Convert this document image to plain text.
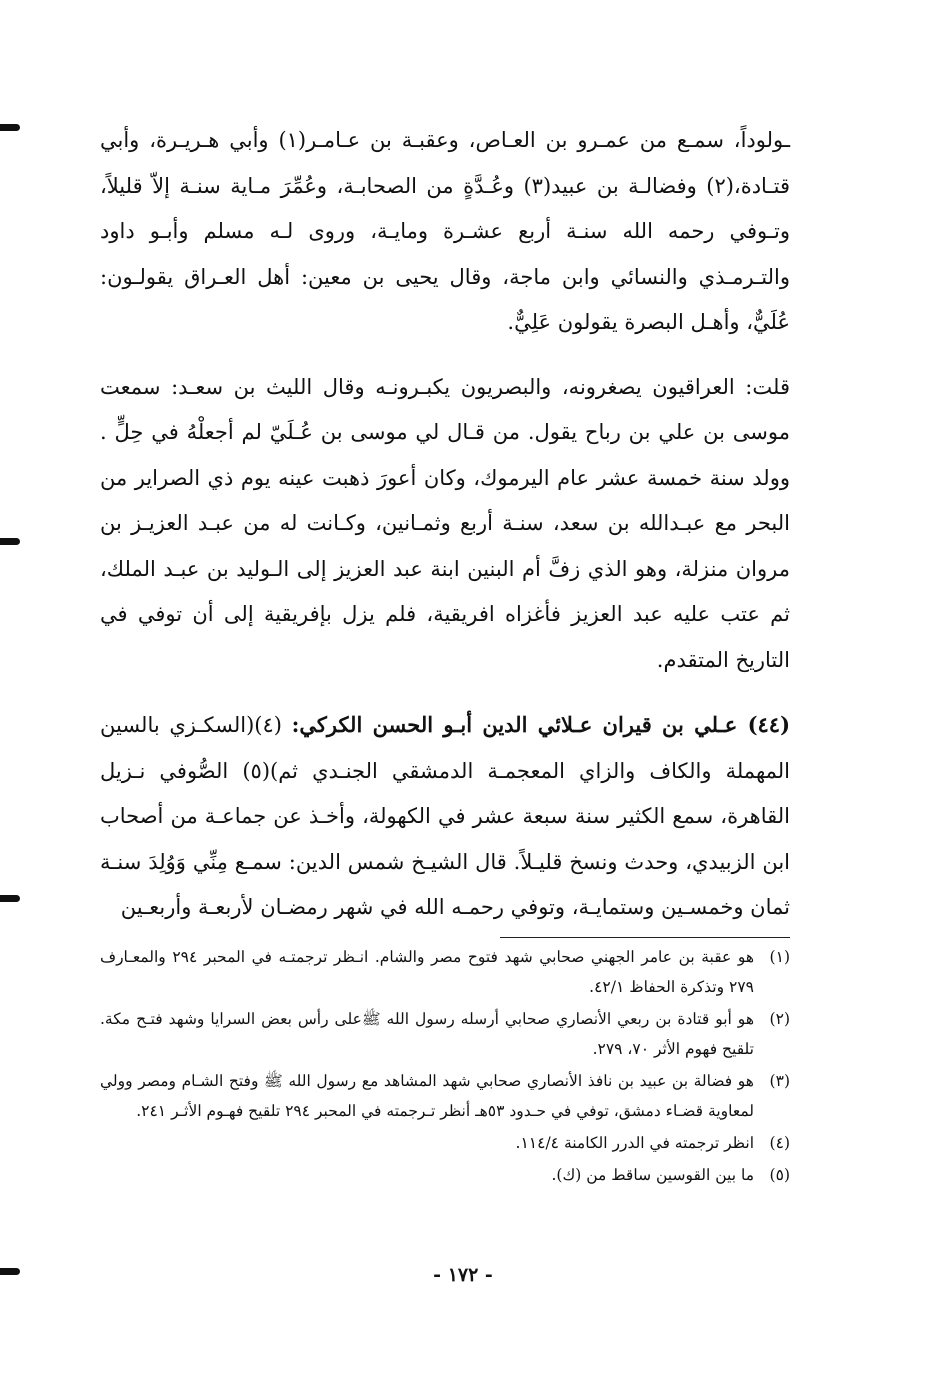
ـولوداً، سمـع من عمـرو بن العـاص، وعقبـة بن عـامـر(١) وأبي هـريـرة، وأبي قتـادة،(٢) وفضالـة بن عبيد(٣) وعُـدَّةٍ من الصحابـة، وعُمِّرَ مـاية سنـة إلاّ قليلاً، وتـوفي رحمه الله سنـة أربع عشـرة ومايـة، وروى لـه مسلم وأبـو داود والتـرمـذي والنسائي وابن ماجة، وقال يحيى بن معين: أهل العـراق يقولـون: عُلَيٌّ، وأهـل البصرة يقولون عَلِيٌّ.

قلت: العراقيون يصغرونه، والبصريون يكبـرونـه وقال الليث بن سعـد: سمعت موسى بن علي بن رباح يقول. من قـال لي موسى بن عُـلَيّ لم أجعلْهُ في حِلٍّ . وولد سنة خمسة عشر عام اليرموك، وكان أعورَ ذهبت عينه يوم ذي الصراير من البحر مع عبـدالله بن سعد، سنـة أربع وثمـانين، وكـانت له من عبـد العزيـز بن مروان منزلة، وهو الذي زفَّ أم البنين ابنة عبد العزيز إلى الـوليد بن عبـد الملك، ثم عتب عليه عبد العزيز فأغزاه افريقية، فلم يزل بإفريقية إلى أن توفي في التاريخ المتقدم.

(٤٤) عـلي بن قيران عـلائي الدين أبـو الحسن الكركي: (٤)(السكـزي بالسين المهملة والكاف والزاي المعجمـة الدمشقي الجنـدي ثم)(٥) الصُّوفي نـزيل القاهرة، سمع الكثير سنة سبعة عشر في الكهولة، وأخـذ عن جماعـة من أصحاب ابن الزبيدي، وحدث ونسخ قليـلاً. قال الشيـخ شمس الدين: سمـع مِنِّي وَوُلِدَ سنـة ثمان وخمسـين وستمايـة، وتوفي رحمـه الله في شهر رمضـان لأربعـة وأربعـين

(١)
هو عقبة بن عامر الجهني صحابي شهد فتوح مصر والشام. انـظر ترجمتـه في المحبر ٢٩٤ والمعـارف ٢٧٩ وتذكرة الحفاظ ٤٢/١.
(٢)
هو أبو قتادة بن ربعي الأنصاري صحابي أرسله رسول الله ﷺعلى رأس بعض السرايا وشهد فتـح مكة. تلقيح فهوم الأثر ٧٠، ٢٧٩.
(٣)
هو فضالة بن عبيد بن نافذ الأنصاري صحابي شهد المشاهد مع رسول الله ﷺ وفتح الشـام ومصر وولي لمعاوية قضـاء دمشق، توفي في حـدود ٥٣هـ أنظر تـرجمته في المحبر ٢٩٤ تلقيح فهـوم الأثـر ٢٤١.
(٤)
انظر ترجمته في الدرر الكامنة ١١٤/٤.
(٥)
ما بين القوسين ساقط من (ك).
- ١٧٢ -
